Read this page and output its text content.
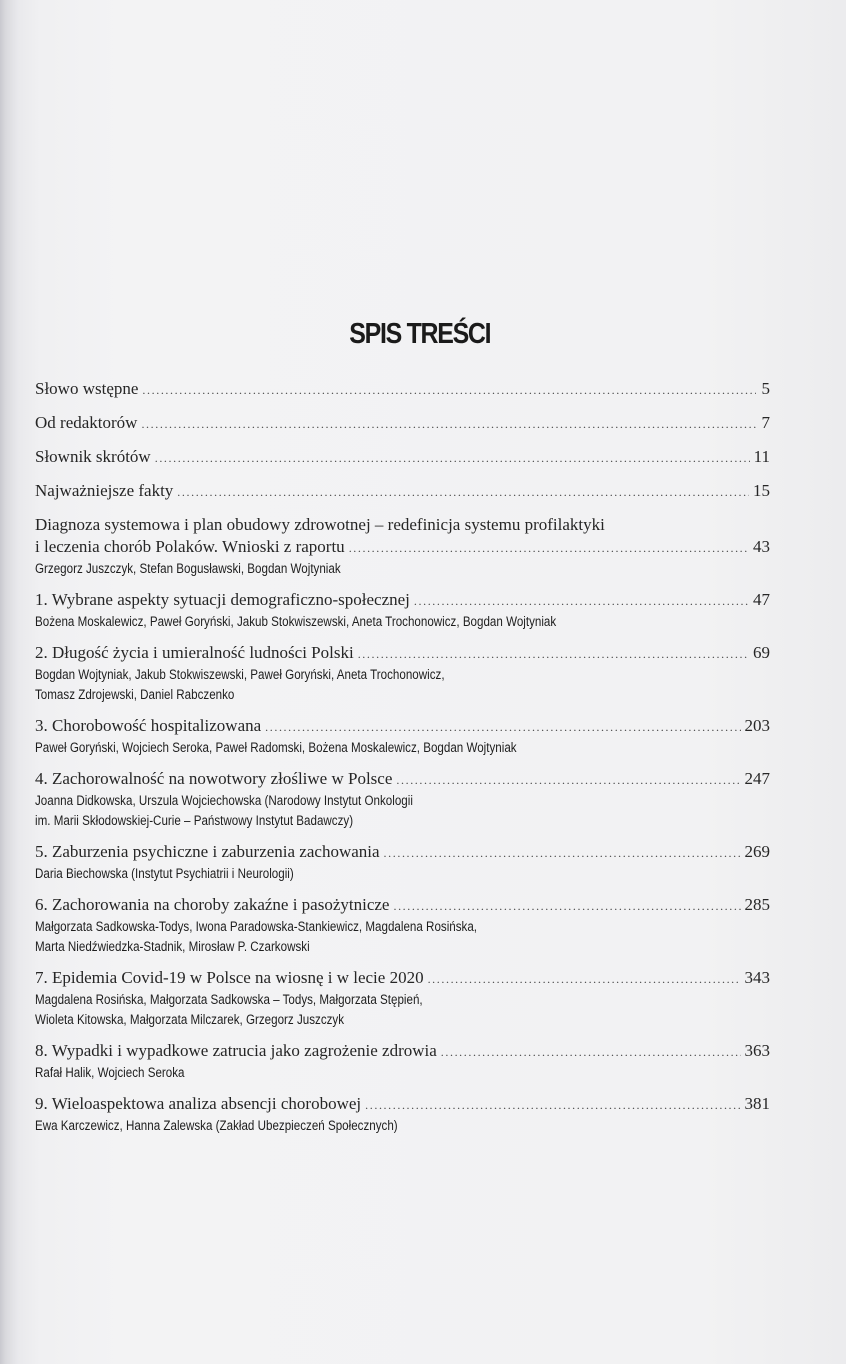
SPIS TREŚCI
Słowo wstępne .....	5
Od redaktorów .....	7
Słownik skrótów .....	11
Najważniejsze fakty .....	15
Diagnoza systemowa i plan obudowy zdrowotnej – redefinicja systemu profilaktyki
i leczenia chorób Polaków. Wnioski z raportu .....	43
Grzegorz Juszczyk, Stefan Bogusławski, Bogdan Wojtyniak
1. Wybrane aspekty sytuacji demograficzno-społecznej .....	47
Bożena Moskalewicz, Paweł Goryński, Jakub Stokwiszewski, Aneta Trochonowicz, Bogdan Wojtyniak
2. Długość życia i umieralność ludności Polski .....	69
Bogdan Wojtyniak, Jakub Stokwiszewski, Paweł Goryński, Aneta Trochonowicz,
Tomasz Zdrojewski, Daniel Rabczenko
3. Chorobowość hospitalizowana .....	203
Paweł Goryński, Wojciech Seroka, Paweł Radomski, Bożena Moskalewicz, Bogdan Wojtyniak
4. Zachorowalność na nowotwory złośliwe w Polsce .....	247
Joanna Didkowska, Urszula Wojciechowska (Narodowy Instytut Onkologii
im. Marii Skłodowskiej-Curie – Państwowy Instytut Badawczy)
5. Zaburzenia psychiczne i zaburzenia zachowania .....	269
Daria Biechowska (Instytut Psychiatrii i Neurologii)
6. Zachorowania na choroby zakaźne i pasożytnicze .....	285
Małgorzata Sadkowska-Todys, Iwona Paradowska-Stankiewicz, Magdalena Rosińska,
Marta Niedźwiedzka-Stadnik, Mirosław P. Czarkowski
7. Epidemia Covid-19 w Polsce na wiosnę i w lecie 2020 .....	343
Magdalena Rosińska, Małgorzata Sadkowska – Todys, Małgorzata Stępień,
Wioleta Kitowska, Małgorzata Milczarek, Grzegorz Juszczyk
8. Wypadki i wypadkowe zatrucia jako zagrożenie zdrowia .....	363
Rafał Halik, Wojciech Seroka
9. Wieloaspektowa analiza absencji chorobowej .....	381
Ewa Karczewicz, Hanna Zalewska (Zakład Ubezpieczeń Społecznych)
